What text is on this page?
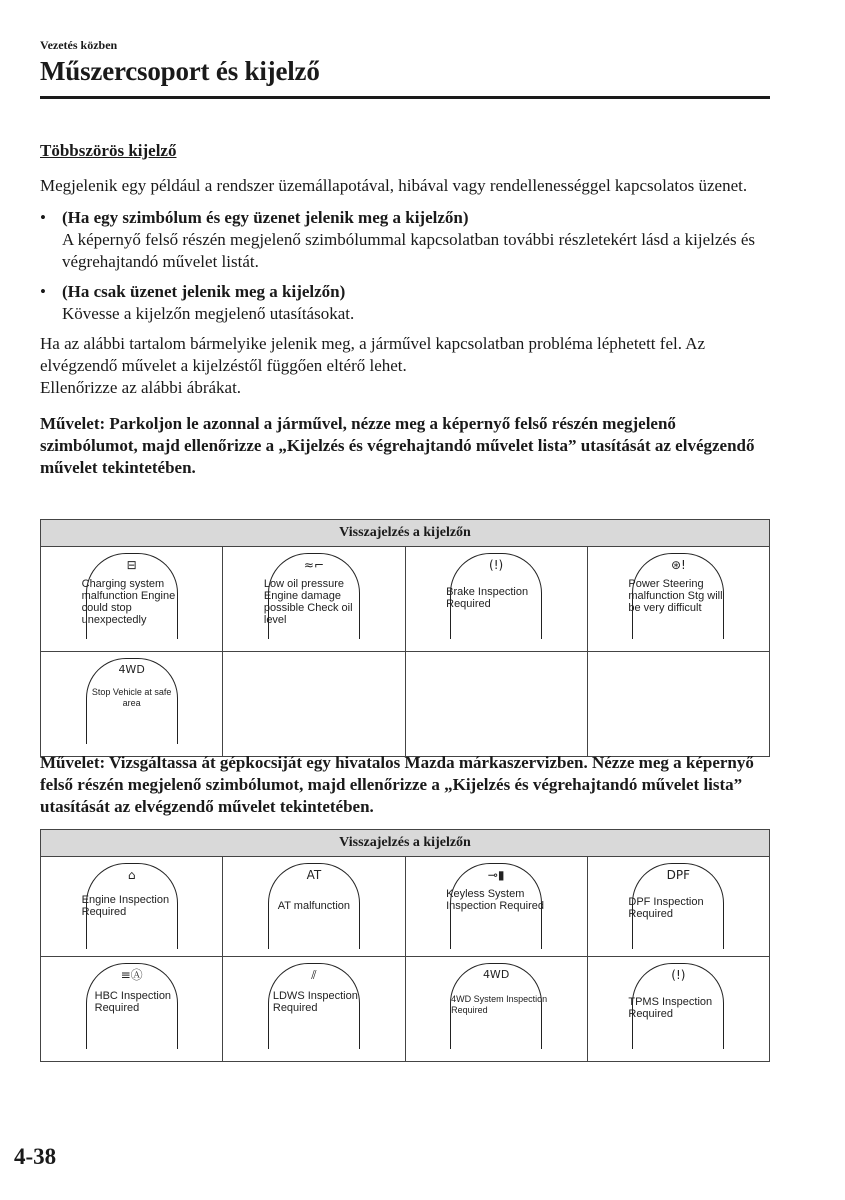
Vezetés közben
Műszercsoport és kijelző
Többszörös kijelző

Megjelenik egy például a rendszer üzemállapotával, hibával vagy rendellenességgel kapcsolatos üzenet.

• (Ha egy szimbólum és egy üzenet jelenik meg a kijelzőn)
A képernyő felső részén megjelenő szimbólummal kapcsolatban további részletekért lásd a kijelzés és végrehajtandó művelet listát.
• (Ha csak üzenet jelenik meg a kijelzőn)
Kövesse a kijelzőn megjelenő utasításokat.

Ha az alábbi tartalom bármelyike jelenik meg, a járművel kapcsolatban probléma léphetett fel. Az elvégzendő művelet a kijelzéstől függően eltérő lehet.

Ellenőrizze az alábbi ábrákat.

Művelet: Parkoljon le azonnal a járművel, nézze meg a képernyő felső részén megjelenő szimbólumot, majd ellenőrizze a „Kijelzés és végrehajtandó művelet lista” utasítását az elvégzendő művelet tekintetében.

Visszajelzés a kijelzőn
⊟
Charging system malfunction Engine could stop unexpectedly
≈⌐
Low oil pressure Engine damage possible Check oil level
(!)
Brake Inspection Required
⊛!
Power Steering malfunction Stg will be very difficult
4WD
Stop Vehicle at safe area

Művelet: Vizsgáltassa át gépkocsiját egy hivatalos Mazda márkaszervizben. Nézze meg a képernyő felső részén megjelenő szimbólumot, majd ellenőrizze a „Kijelzés és végrehajtandó művelet lista” utasítását az elvégzendő művelet tekintetében.

Visszajelzés a kijelzőn
⌂
Engine Inspection Required
AT
AT malfunction
⊸▮
Keyless System Inspection Required
DPF
DPF Inspection Required
≡Ⓐ
HBC Inspection Required
⫽
LDWS Inspection Required
4WD
4WD System Inspection Required
(!)
TPMS Inspection Required
4-38
